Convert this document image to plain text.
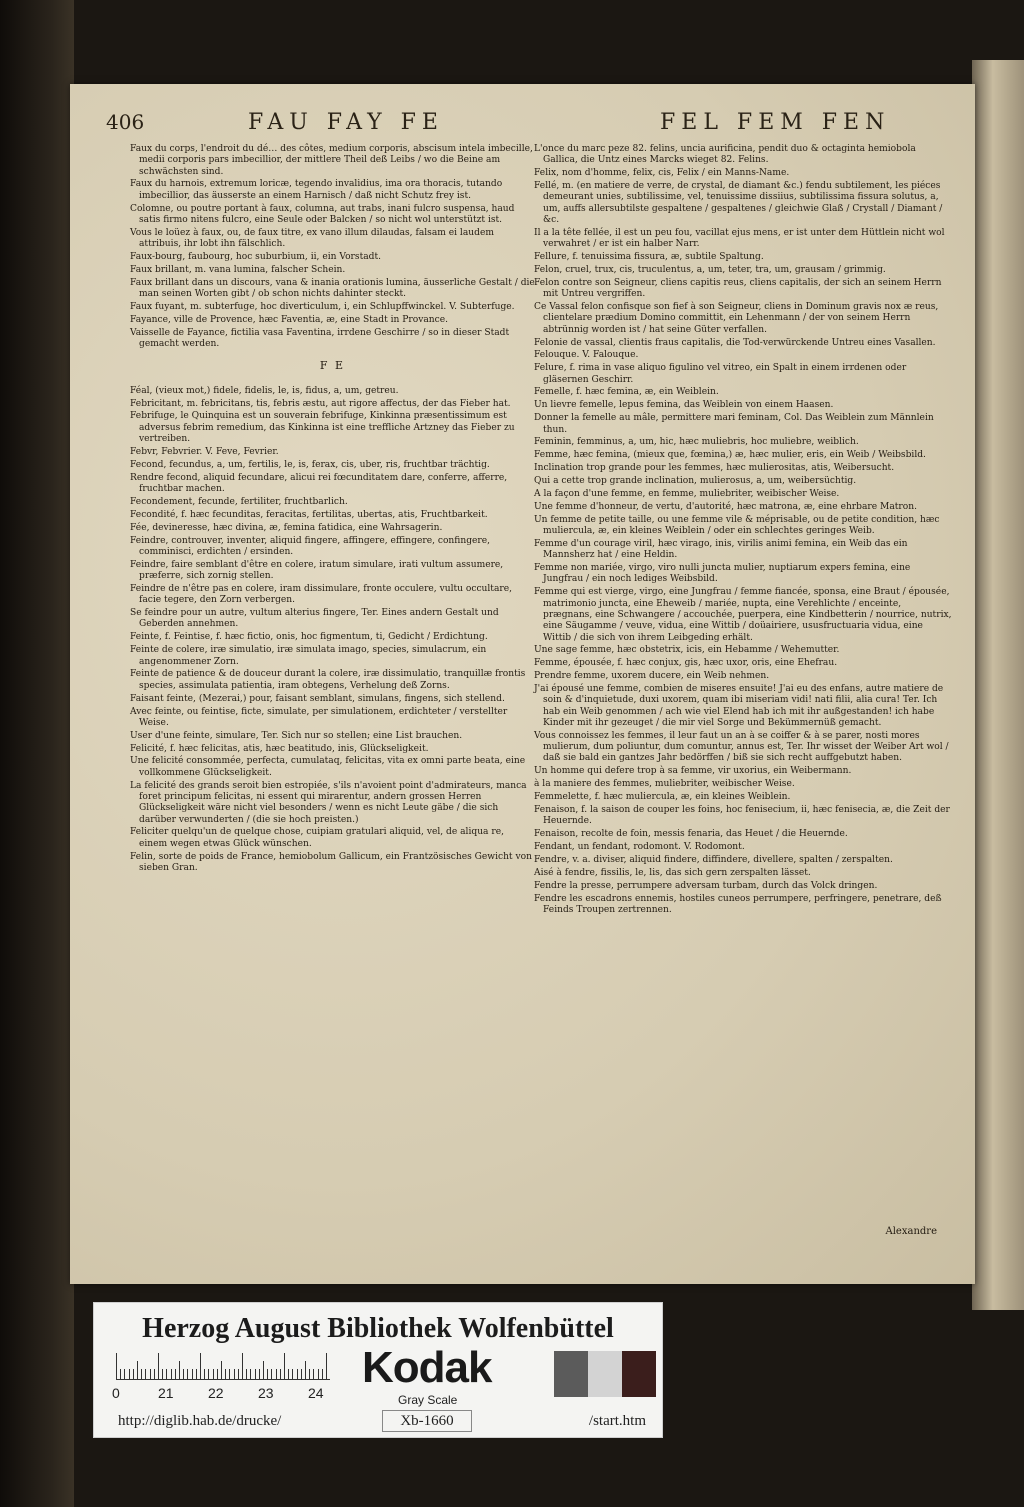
406	FAU FAY FE	FEL FEM FEN

Faux du corps, l'endroit du dé… des côtes, medium corporis, abscisum intela imbecille, medii corporis pars imbecillior, der mittlere Theil deß Leibs / wo die Beine am schwächsten sind.

Faux du harnois, extremum loricæ, tegendo invalidius, ima ora thoracis, tutando imbecillior, das äusserste an einem Harnisch / daß nicht Schutz frey ist.

Colomne, ou poutre portant à faux, columna, aut trabs, inani fulcro suspensa, haud satis firmo nitens fulcro, eine Seule oder Balcken / so nicht wol unterstützt ist.

Vous le loüez à faux, ou, de faux titre, ex vano illum dilaudas, falsam ei laudem attribuis, ihr lobt ihn fälschlich.

Faux-bourg, faubourg, hoc suburbium, ii, ein Vorstadt.

Faux brillant, m. vana lumina, falscher Schein.

Faux brillant dans un discours, vana & inania orationis lumina, äusserliche Gestalt / die man seinen Worten gibt / ob schon nichts dahinter steckt.

Faux fuyant, m. subterfuge, hoc diverticulum, i, ein Schlupffwinckel. V. Subterfuge.

Fayance, ville de Provence, hæc Faventia, æ, eine Stadt in Provance.

Vaisselle de Fayance, fictilia vasa Faventina, irrdene Geschirre / so in dieser Stadt gemacht werden.

F E

Féal, (vieux mot,) fidele, fidelis, le, is, fidus, a, um, getreu.

Febricitant, m. febricitans, tis, febris æstu, aut rigore affectus, der das Fieber hat.

Febrifuge, le Quinquina est un souverain febrifuge, Kinkinna præsentissimum est adversus febrim remedium, das Kinkinna ist eine treffliche Artzney das Fieber zu vertreiben.

Febvr, Febvrier. V. Feve, Fevrier.

Fecond, fecundus, a, um, fertilis, le, is, ferax, cis, uber, ris, fruchtbar trächtig.

Rendre fecond, aliquid fecundare, alicui rei fœcunditatem dare, conferre, afferre, fruchtbar machen.

Fecondement, fecunde, fertiliter, fruchtbarlich.

Fecondité, f. hæc fecunditas, feracitas, fertilitas, ubertas, atis, Fruchtbarkeit.

Fée, devineresse, hæc divina, æ, femina fatidica, eine Wahrsagerin.

Feindre, controuver, inventer, aliquid fingere, affingere, effingere, confingere, comminisci, erdichten / ersinden.

Feindre, faire semblant d'être en colere, iratum simulare, irati vultum assumere, præferre, sich zornig stellen.

Feindre de n'être pas en colere, iram dissimulare, fronte occulere, vultu occultare, facie tegere, den Zorn verbergen.

Se feindre pour un autre, vultum alterius fingere, Ter. Eines andern Gestalt und Geberden annehmen.

Feinte, f. Feintise, f. hæc fictio, onis, hoc figmentum, ti, Gedicht / Erdichtung.

Feinte de colere, iræ simulatio, iræ simulata imago, species, simulacrum, ein angenommener Zorn.

Feinte de patience & de douceur durant la colere, iræ dissimulatio, tranquillæ frontis species, assimulata patientia, iram obtegens, Verhelung deß Zorns.

Faisant feinte, (Mezerai,) pour, faisant semblant, simulans, fingens, sich stellend.

Avec feinte, ou feintise, ficte, simulate, per simulationem, erdichteter / verstellter Weise.

User d'une feinte, simulare, Ter. Sich nur so stellen; eine List brauchen.

Felicité, f. hæc felicitas, atis, hæc beatitudo, inis, Glückseligkeit.

Une felicité consommée, perfecta, cumulataq, felicitas, vita ex omni parte beata, eine vollkommene Glückseligkeit.

La felicité des grands seroit bien estropiée, s'ils n'avoient point d'admirateurs, manca foret principum felicitas, ni essent qui mirarentur, andern grossen Herren Glückseligkeit wäre nicht viel besonders / wenn es nicht Leute gäbe / die sich darüber verwunderten / (die sie hoch preisten.)

Feliciter quelqu'un de quelque chose, cuipiam gratulari aliquid, vel, de aliqua re, einem wegen etwas Glück wünschen.

Felin, sorte de poids de France, hemiobolum Gallicum, ein Frantzösisches Gewicht von sieben Gran.

L'once du marc peze 82. felins, uncia aurificina, pendit duo & octaginta hemiobola Gallica, die Untz eines Marcks wieget 82. Felins.

Felix, nom d'homme, felix, cis, Felix / ein Manns-Name.

Fellé, m. (en matiere de verre, de crystal, de diamant &c.) fendu subtilement, les piéces demeurant unies, subtilissime, vel, tenuissime dissiius, subtilissima fissura solutus, a, um, auffs allersubtilste gespaltene / gespaltenes / gleichwie Glaß / Crystall / Diamant / &c.

Il a la tête fellée, il est un peu fou, vacillat ejus mens, er ist unter dem Hüttlein nicht wol verwahret / er ist ein halber Narr.

Fellure, f. tenuissima fissura, æ, subtile Spaltung.

Felon, cruel, trux, cis, truculentus, a, um, teter, tra, um, grausam / grimmig.

Felon contre son Seigneur, cliens capitis reus, cliens capitalis, der sich an seinem Herrn mit Untreu vergriffen.

Ce Vassal felon confisque son fief à son Seigneur, cliens in Dominum gravis nox æ reus, clientelare prædium Domino committit, ein Lehenmann / der von seinem Herrn abtrünnig worden ist / hat seine Güter verfallen.

Felonie de vassal, clientis fraus capitalis, die Tod-verwürckende Untreu eines Vasallen.

Felouque. V. Falouque.

Felure, f. rima in vase aliquo figulino vel vitreo, ein Spalt in einem irrdenen oder gläsernen Geschirr.

Femelle, f. hæc femina, æ, ein Weiblein.

Un lievre femelle, lepus femina, das Weiblein von einem Haasen.

Donner la femelle au mâle, permittere mari feminam, Col. Das Weiblein zum Männlein thun.

Feminin, femminus, a, um, hic, hæc muliebris, hoc muliebre, weiblich.

Femme, hæc femina, (mieux que, fœmina,) æ, hæc mulier, eris, ein Weib / Weibsbild.

Inclination trop grande pour les femmes, hæc mulierositas, atis, Weibersucht.

Qui a cette trop grande inclination, mulierosus, a, um, weibersüchtig.

A la façon d'une femme, en femme, muliebriter, weibischer Weise.

Une femme d'honneur, de vertu, d'autorité, hæc matrona, æ, eine ehrbare Matron.

Un femme de petite taille, ou une femme vile & méprisable, ou de petite condition, hæc muliercula, æ, ein kleines Weiblein / oder ein schlechtes geringes Weib.

Femme d'un courage viril, hæc virago, inis, virilis animi femina, ein Weib das ein Mannsherz hat / eine Heldin.

Femme non mariée, virgo, viro nulli juncta mulier, nuptiarum expers femina, eine Jungfrau / ein noch lediges Weibsbild.

Femme qui est vierge, virgo, eine Jungfrau / femme fiancée, sponsa, eine Braut / épousée, matrimonio juncta, eine Eheweib / mariée, nupta, eine Verehlichte / enceinte, prægnans, eine Schwangere / accouchée, puerpera, eine Kindbetterin / nourrice, nutrix, eine Säugamme / veuve, vidua, eine Wittib / doüairiere, ususfructuaria vidua, eine Wittib / die sich von ihrem Leibgeding erhält.

Une sage femme, hæc obstetrix, icis, ein Hebamme / Wehemutter.

Femme, épousée, f. hæc conjux, gis, hæc uxor, oris, eine Ehefrau.

Prendre femme, uxorem ducere, ein Weib nehmen.

J'ai épousé une femme, combien de miseres ensuite! J'ai eu des enfans, autre matiere de soin & d'inquietude, duxi uxorem, quam ibi miseriam vidi! nati filii, alia cura! Ter. Ich hab ein Weib genommen / ach wie viel Elend hab ich mit ihr außgestanden! ich habe Kinder mit ihr gezeuget / die mir viel Sorge und Bekümmernüß gemacht.

Vous connoissez les femmes, il leur faut un an à se coiffer & à se parer, nosti mores mulierum, dum poliuntur, dum comuntur, annus est, Ter. Ihr wisset der Weiber Art wol / daß sie bald ein gantzes Jahr bedörffen / biß sie sich recht auffgebutzt haben.

Un homme qui defere trop à sa femme, vir uxorius, ein Weibermann.

à la maniere des femmes, muliebriter, weibischer Weise.

Femmelette, f. hæc muliercula, æ, ein kleines Weiblein.

Fenaison, f. la saison de couper les foins, hoc fenisecium, ii, hæc fenisecia, æ, die Zeit der Heuernde.

Fenaison, recolte de foin, messis fenaria, das Heuet / die Heuernde.

Fendant, un fendant, rodomont. V. Rodomont.

Fendre, v. a. diviser, aliquid findere, diffindere, divellere, spalten / zerspalten.

Aisé à fendre, fissilis, le, lis, das sich gern zerspalten lässet.

Fendre la presse, perrumpere adversam turbam, durch das Volck dringen.

Fendre les escadrons ennemis, hostiles cuneos perrumpere, perfringere, penetrare, deß Feinds Troupen zertrennen.

Alexandre
Herzog August Bibliothek Wolfenbüttel
0	21 22 23 24
Kodak
Gray Scale
http://diglib.hab.de/drucke/	Xb-1660	/start.htm
